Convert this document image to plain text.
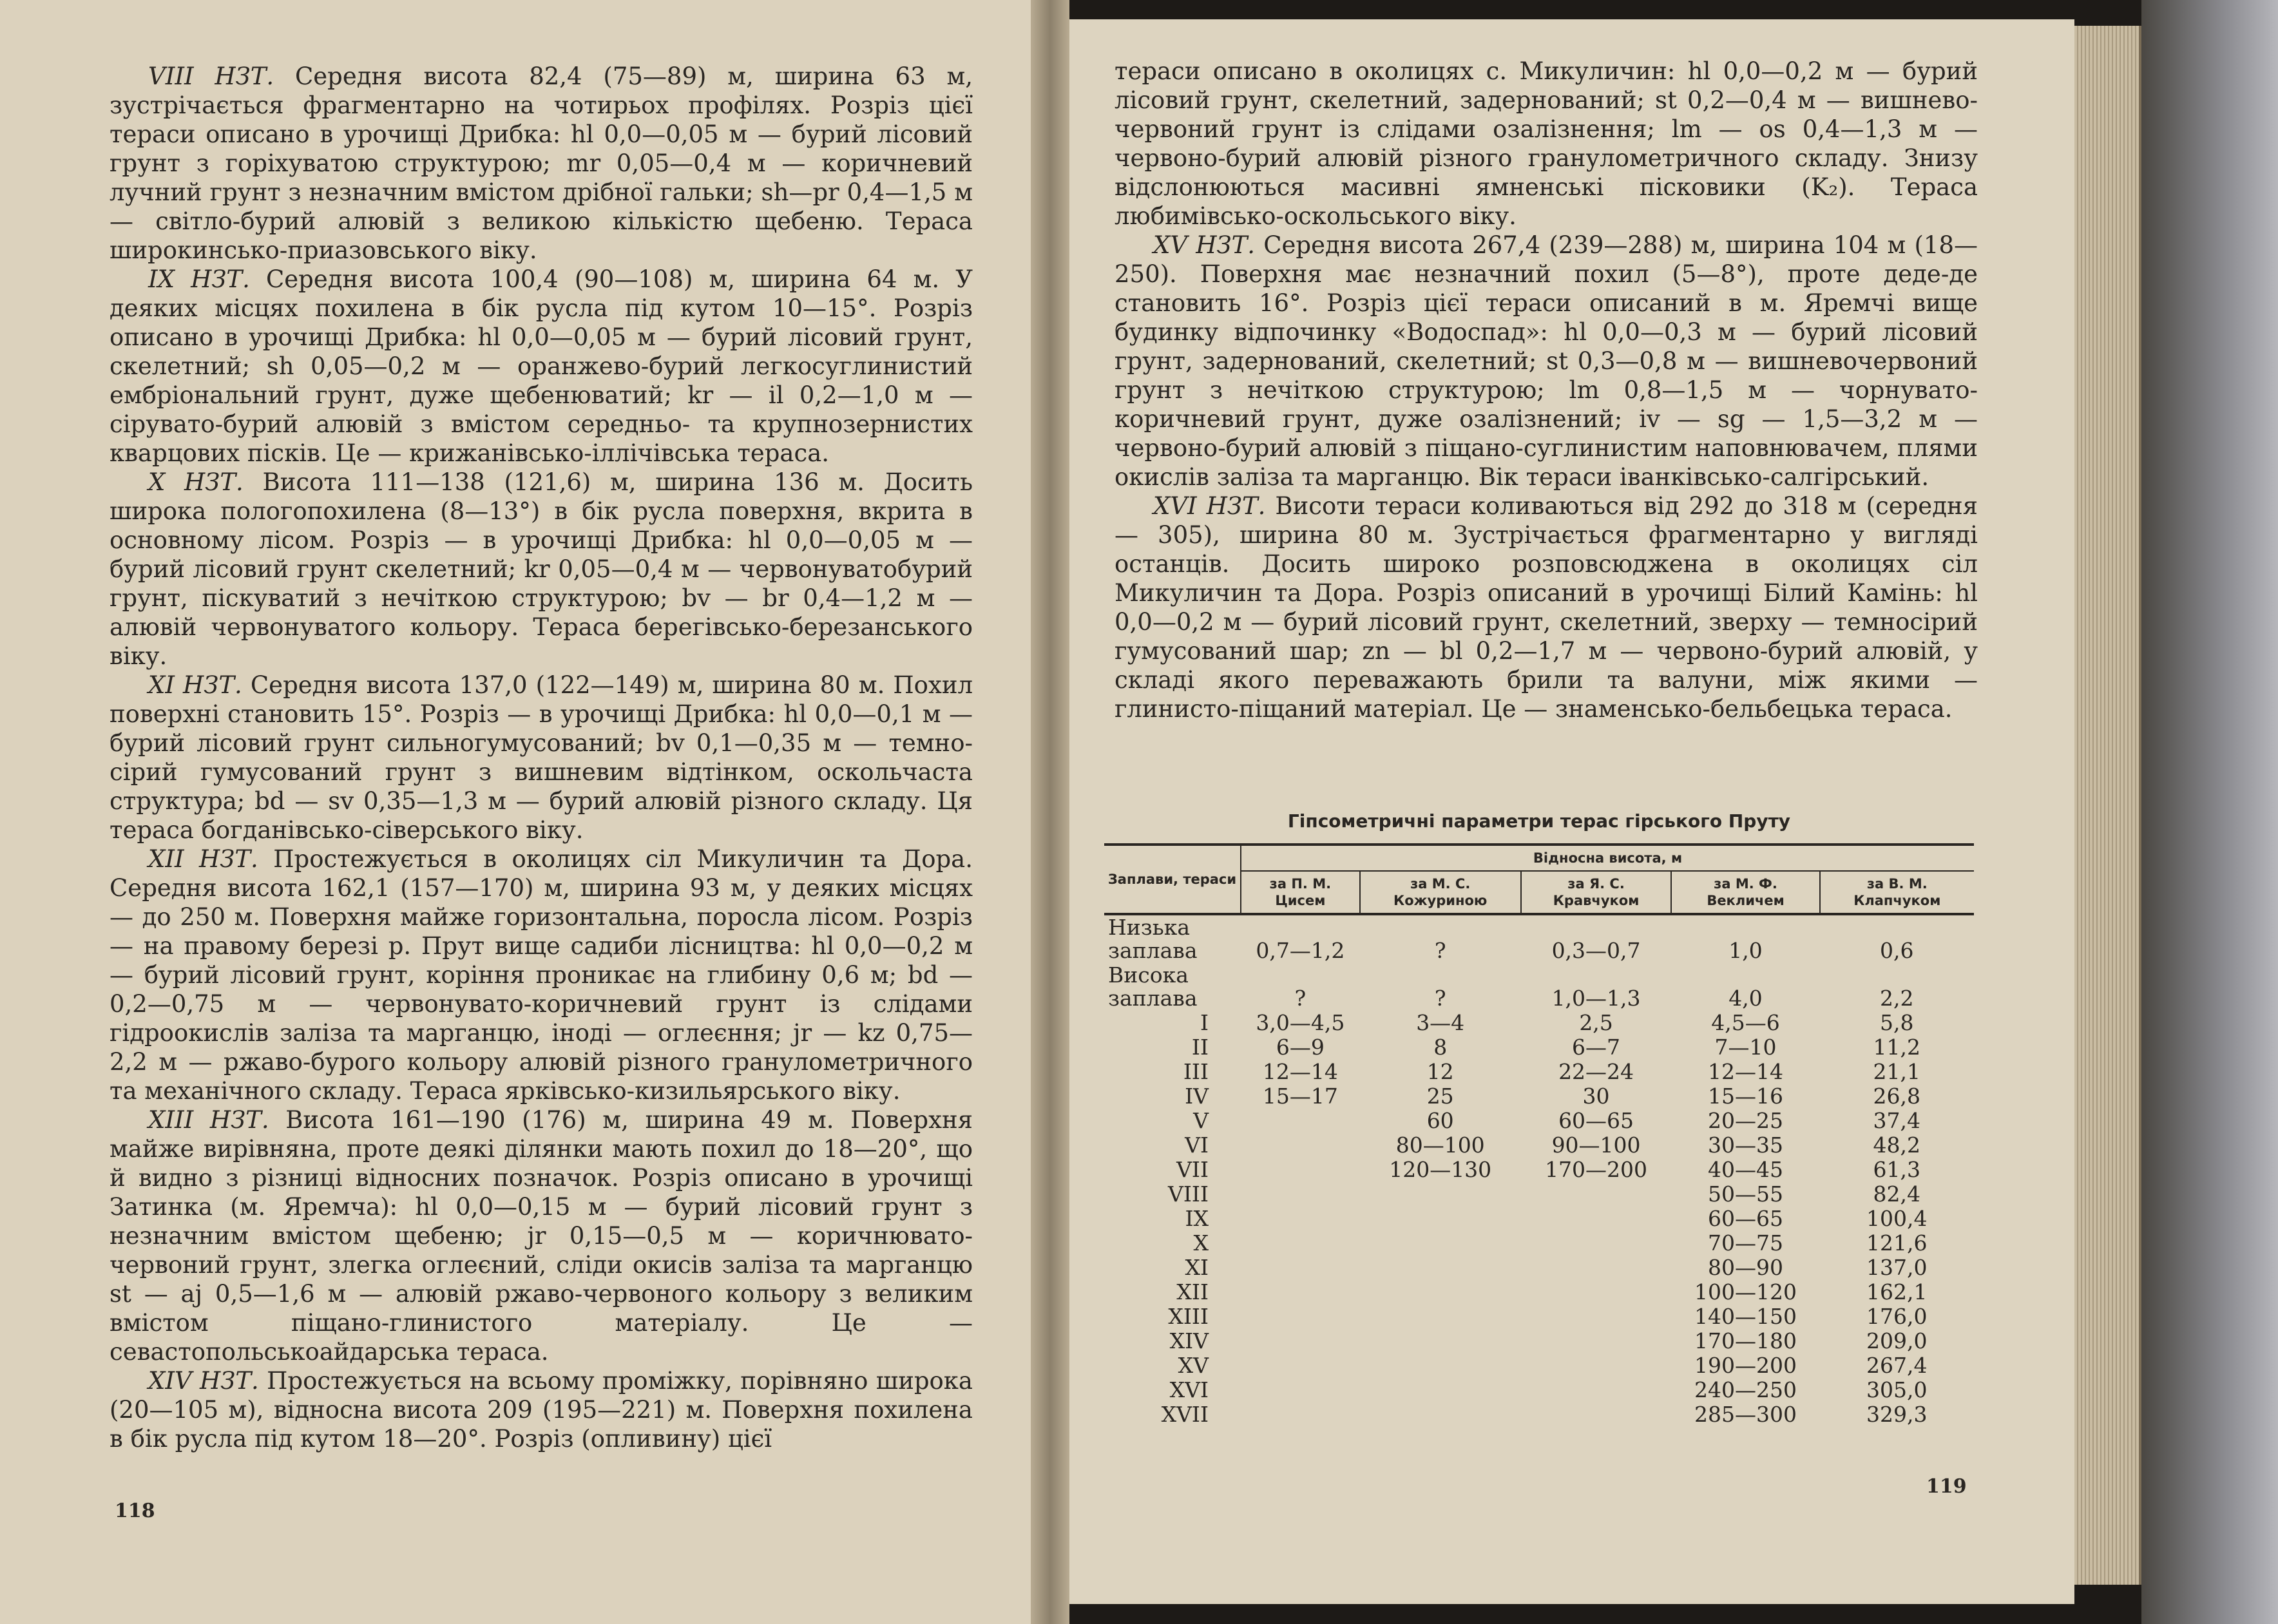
VIII НЗТ. Середня висота 82,4 (75—89) м, ширина 63 м, зустрічається фрагментарно на чотирьох профілях. Розріз цієї тераси описано в урочищі Дрибка: hl 0,0—0,05 м — бурий лісовий грунт з горіхуватою структурою; mr 0,05—0,4 м — коричневий лучний грунт з незначним вмістом дрібної гальки; sh—pr 0,4—1,5 м — світло-бурий алювій з великою кількістю щебеню. Тераса широкинсько-приазовського віку.

IX НЗТ. Середня висота 100,4 (90—108) м, ширина 64 м. У деяких місцях похилена в бік русла під кутом 10—15°. Розріз описано в урочищі Дрибка: hl 0,0—0,05 м — бурий лісовий грунт, скелетний; sh 0,05—0,2 м — оранжево-бурий легкосуглинистий ембріональний грунт, дуже щебенюватий; kr — il 0,2—1,0 м — сірувато-бурий алювій з вмістом середньо- та крупнозернистих кварцових пісків. Це — крижанівсько-іллічівська тераса.

X НЗТ. Висота 111—138 (121,6) м, ширина 136 м. Досить широка пологопохилена (8—13°) в бік русла поверхня, вкрита в основному лісом. Розріз — в урочищі Дрибка: hl 0,0—0,05 м — бурий лісовий грунт скелетний; kr 0,05—0,4 м — червонуватобурий грунт, піскуватий з нечіткою структурою; bv — br 0,4—1,2 м — алювій червонуватого кольору. Тераса берегівсько-березанського віку.

XI НЗТ. Середня висота 137,0 (122—149) м, ширина 80 м. Похил поверхні становить 15°. Розріз — в урочищі Дрибка: hl 0,0—0,1 м — бурий лісовий грунт сильногумусований; bv 0,1—0,35 м — темно-сірий гумусований грунт з вишневим відтінком, оскольчаста структура; bd — sv 0,35—1,3 м — бурий алювій різного складу. Ця тераса богданівсько-сіверського віку.

XII НЗТ. Простежується в околицях сіл Микуличин та Дора. Середня висота 162,1 (157—170) м, ширина 93 м, у деяких місцях — до 250 м. Поверхня майже горизонтальна, поросла лісом. Розріз — на правому березі р. Прут вище садиби лісництва: hl 0,0—0,2 м — бурий лісовий грунт, коріння проникає на глибину 0,6 м; bd — 0,2—0,75 м — червонувато-коричневий грунт із слідами гідроокислів заліза та марганцю, іноді — оглеєння; jr — kz 0,75—2,2 м — ржаво-бурого кольору алювій різного гранулометричного та механічного складу. Тераса ярківсько-кизильярського віку.

XIII НЗТ. Висота 161—190 (176) м, ширина 49 м. Поверхня майже вирівняна, проте деякі ділянки мають похил до 18—20°, що й видно з різниці відносних позначок. Розріз описано в урочищі Затинка (м. Яремча): hl 0,0—0,15 м — бурий лісовий грунт з незначним вмістом щебеню; jr 0,15—0,5 м — коричнювато-червоний грунт, злегка оглеєний, сліди окисів заліза та марганцю st — aj 0,5—1,6 м — алювій ржаво-червоного кольору з великим вмістом піщано-глинистого матеріалу. Це — севастопольськоайдарська тераса.

XIV НЗТ. Простежується на всьому проміжку, порівняно широка (20—105 м), відносна висота 209 (195—221) м. Поверхня похилена в бік русла під кутом 18—20°. Розріз (опливину) цієї

118

тераси описано в околицях с. Микуличин: hl 0,0—0,2 м — бурий лісовий грунт, скелетний, задернований; st 0,2—0,4 м — вишнево-червоний грунт із слідами озалізнення; lm — os 0,4—1,3 м — червоно-бурий алювій різного гранулометричного складу. Знизу відслонюються масивні ямненські пісковики (K₂). Тераса любимівсько-оскольського віку.

XV НЗТ. Середня висота 267,4 (239—288) м, ширина 104 м (18—250). Поверхня має незначний похил (5—8°), проте деде-де становить 16°. Розріз цієї тераси описаний в м. Яремчі вище будинку відпочинку «Водоспад»: hl 0,0—0,3 м — бурий лісовий грунт, задернований, скелетний; st 0,3—0,8 м — вишневочервоний грунт з нечіткою структурою; lm 0,8—1,5 м — чорнувато-коричневий грунт, дуже озалізнений; iv — sg — 1,5—3,2 м — червоно-бурий алювій з піщано-суглинистим наповнювачем, плями окислів заліза та марганцю. Вік тераси іванківсько-салгірський.

XVI НЗТ. Висоти тераси коливаються від 292 до 318 м (середня — 305), ширина 80 м. Зустрічається фрагментарно у вигляді останців. Досить широко розповсюджена в околицях сіл Микуличин та Дора. Розріз описаний в урочищі Білий Камінь: hl 0,0—0,2 м — бурий лісовий грунт, скелетний, зверху — темносірий гумусований шар; zn — bl 0,2—1,7 м — червоно-бурий алювій, у складі якого переважають брили та валуни, між якими — глинисто-піщаний матеріал. Це — знаменсько-бельбецька тераса.

Гіпсометричні параметри терас гірського Пруту
Заплави, тераси	Відносна висота, м				
	за П. М. Цисем	за М. С. Кожуриною	за Я. С. Кравчуком	за М. Ф. Векличем	за В. М. Клапчуком
Низька заплава	0,7—1,2	?	0,3—0,7	1,0	0,6
Висока заплава	?	?	1,0—1,3	4,0	2,2
I	3,0—4,5	3—4	2,5	4,5—6	5,8
II	6—9	8	6—7	7—10	11,2
III	12—14	12	22—24	12—14	21,1
IV	15—17	25	30	15—16	26,8
V		60	60—65	20—25	37,4
VI		80—100	90—100	30—35	48,2
VII		120—130	170—200	40—45	61,3
VIII				50—55	82,4
IX				60—65	100,4
X				70—75	121,6
XI				80—90	137,0
XII				100—120	162,1
XIII				140—150	176,0
XIV				170—180	209,0
XV				190—200	267,4
XVI				240—250	305,0
XVII				285—300	329,3
119
